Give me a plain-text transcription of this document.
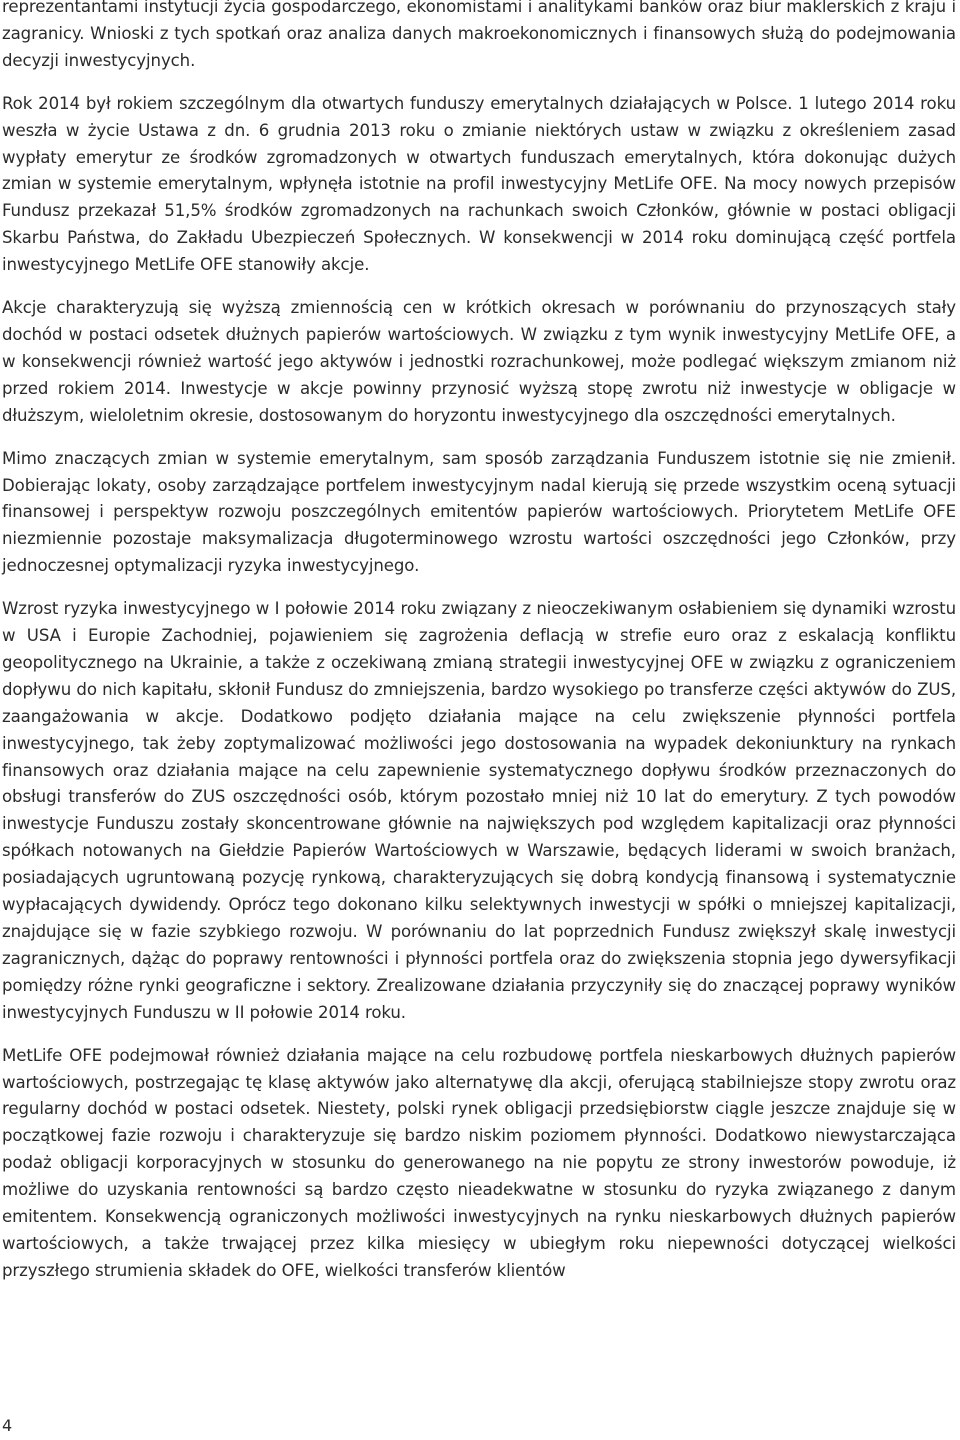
reprezentantami instytucji życia gospodarczego, ekonomistami i analitykami banków oraz biur maklerskich z kraju i zagranicy. Wnioski z tych spotkań oraz analiza danych makroekonomicznych i finansowych służą do podejmowania decyzji inwestycyjnych.

Rok 2014 był rokiem szczególnym dla otwartych funduszy emerytalnych działających w Polsce. 1 lutego 2014 roku weszła w życie Ustawa z dn. 6 grudnia 2013 roku o zmianie niektórych ustaw w związku z określeniem zasad wypłaty emerytur ze środków zgromadzonych w otwartych funduszach emerytalnych, która dokonując dużych zmian w systemie emerytalnym, wpłynęła istotnie na profil inwestycyjny MetLife OFE. Na mocy nowych przepisów Fundusz przekazał 51,5% środków zgromadzonych na rachunkach swoich Członków, głównie w postaci obligacji Skarbu Państwa, do Zakładu Ubezpieczeń Społecznych. W konsekwencji w 2014 roku dominującą część portfela inwestycyjnego MetLife OFE stanowiły akcje.

Akcje charakteryzują się wyższą zmiennością cen w krótkich okresach w porównaniu do przynoszących stały dochód w postaci odsetek dłużnych papierów wartościowych. W związku z tym wynik inwestycyjny MetLife OFE, a w konsekwencji również wartość jego aktywów i jednostki rozrachunkowej, może podlegać większym zmianom niż przed rokiem 2014. Inwestycje w akcje powinny przynosić wyższą stopę zwrotu niż inwestycje w obligacje w dłuższym, wieloletnim okresie, dostosowanym do horyzontu inwestycyjnego dla oszczędności emerytalnych.

Mimo znaczących zmian w systemie emerytalnym, sam sposób zarządzania Funduszem istotnie się nie zmienił. Dobierając lokaty, osoby zarządzające portfelem inwestycyjnym nadal kierują się przede wszystkim oceną sytuacji finansowej i perspektyw rozwoju poszczególnych emitentów papierów wartościowych. Priorytetem MetLife OFE niezmiennie pozostaje maksymalizacja długoterminowego wzrostu wartości oszczędności jego Członków, przy jednoczesnej optymalizacji ryzyka inwestycyjnego.

Wzrost ryzyka inwestycyjnego w I połowie 2014 roku związany z nieoczekiwanym osłabieniem się dynamiki wzrostu w USA i Europie Zachodniej, pojawieniem się zagrożenia deflacją w strefie euro oraz z eskalacją konfliktu geopolitycznego na Ukrainie, a także z oczekiwaną zmianą strategii inwestycyjnej OFE w związku z ograniczeniem dopływu do nich kapitału, skłonił Fundusz do zmniejszenia, bardzo wysokiego po transferze części aktywów do ZUS, zaangażowania w akcje. Dodatkowo podjęto działania mające na celu zwiększenie płynności portfela inwestycyjnego, tak żeby zoptymalizować możliwości jego dostosowania na wypadek dekoniunktury na rynkach finansowych oraz działania mające na celu zapewnienie systematycznego dopływu środków przeznaczonych do obsługi transferów do ZUS oszczędności osób, którym pozostało mniej niż 10 lat do emerytury. Z tych powodów inwestycje Funduszu zostały skoncentrowane głównie na największych pod względem kapitalizacji oraz płynności spółkach notowanych na Giełdzie Papierów Wartościowych w Warszawie, będących liderami w swoich branżach, posiadających ugruntowaną pozycję rynkową, charakteryzujących się dobrą kondycją finansową i systematycznie wypłacających dywidendy. Oprócz tego dokonano kilku selektywnych inwestycji w spółki o mniejszej kapitalizacji, znajdujące się w fazie szybkiego rozwoju. W porównaniu do lat poprzednich Fundusz zwiększył skalę inwestycji zagranicznych, dążąc do poprawy rentowności i płynności portfela oraz do zwiększenia stopnia jego dywersyfikacji pomiędzy różne rynki geograficzne i sektory. Zrealizowane działania przyczyniły się do znaczącej poprawy wyników inwestycyjnych Funduszu w II połowie 2014 roku.

MetLife OFE podejmował również działania mające na celu rozbudowę portfela nieskarbowych dłużnych papierów wartościowych, postrzegając tę klasę aktywów jako alternatywę dla akcji, oferującą stabilniejsze stopy zwrotu oraz regularny dochód w postaci odsetek. Niestety, polski rynek obligacji przedsiębiorstw ciągle jeszcze znajduje się w początkowej fazie rozwoju i charakteryzuje się bardzo niskim poziomem płynności. Dodatkowo niewystarczająca podaż obligacji korporacyjnych w stosunku do generowanego na nie popytu ze strony inwestorów powoduje, iż możliwe do uzyskania rentowności są bardzo często nieadekwatne w stosunku do ryzyka związanego z danym emitentem. Konsekwencją ograniczonych możliwości inwestycyjnych na rynku nieskarbowych dłużnych papierów wartościowych, a także trwającej przez kilka miesięcy w ubiegłym roku niepewności dotyczącej wielkości przyszłego strumienia składek do OFE, wielkości transferów klientów

4
